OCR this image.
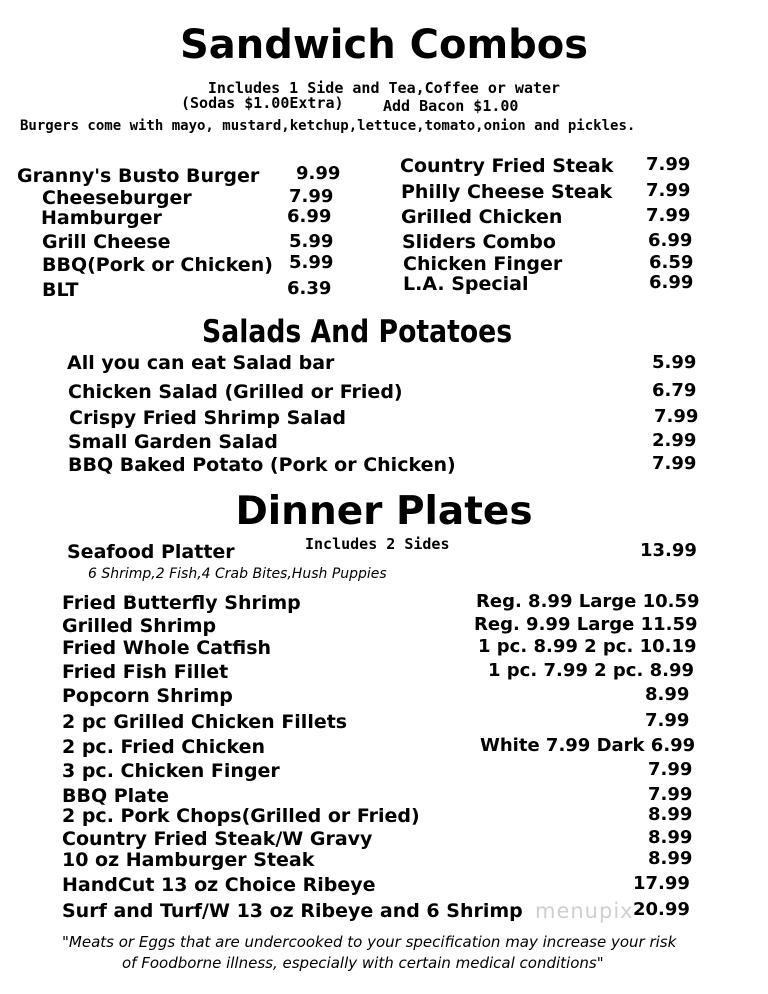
Sandwich Combos
Includes 1 Side and Tea,Coffee or water
(Sodas $1.00Extra)	Add Bacon $1.00
Burgers come with mayo, mustard,ketchup,lettuce,tomato,onion and pickles.
Granny's Busto Burger 9.99
Cheeseburger	7.99
Hamburger	6.99
Grill Cheese	5.99
BBQ(Pork or Chicken) 5.99
BLT	6.39
Country Fried Steak 7.99
Philly Cheese Steak 7.99
Grilled Chicken	7.99
Sliders Combo	6.99
Chicken Finger	6.59
L.A. Special	6.99
Salads And Potatoes
All you can eat Salad bar	5.99
Chicken Salad (Grilled or Fried)	6.79
Crispy Fried Shrimp Salad	7.99
Small Garden Salad	2.99
BBQ Baked Potato (Pork or Chicken)	7.99
Dinner Plates
Includes 2 Sides
Seafood Platter	13.99
6 Shrimp,2 Fish,4 Crab Bites,Hush Puppies
Fried Butterfly Shrimp	Reg. 8.99 Large 10.59
Grilled Shrimp	Reg. 9.99 Large 11.59
Fried Whole Catfish	1 pc. 8.99 2 pc. 10.19
Fried Fish Fillet	1 pc. 7.99 2 pc. 8.99
Popcorn Shrimp	8.99
2 pc Grilled Chicken Fillets	7.99
2 pc. Fried Chicken	White 7.99 Dark 6.99
3 pc. Chicken Finger	7.99
BBQ Plate	7.99
2 pc. Pork Chops(Grilled or Fried)	8.99
Country Fried Steak/W Gravy	8.99
10 oz Hamburger Steak	8.99
HandCut 13 oz Choice Ribeye	17.99
Surf and Turf/W 13 oz Ribeye and 6 Shrimp	20.99
menupix
"Meats or Eggs that are undercooked to your specification may increase your risk
of Foodborne illness, especially with certain medical conditions"
